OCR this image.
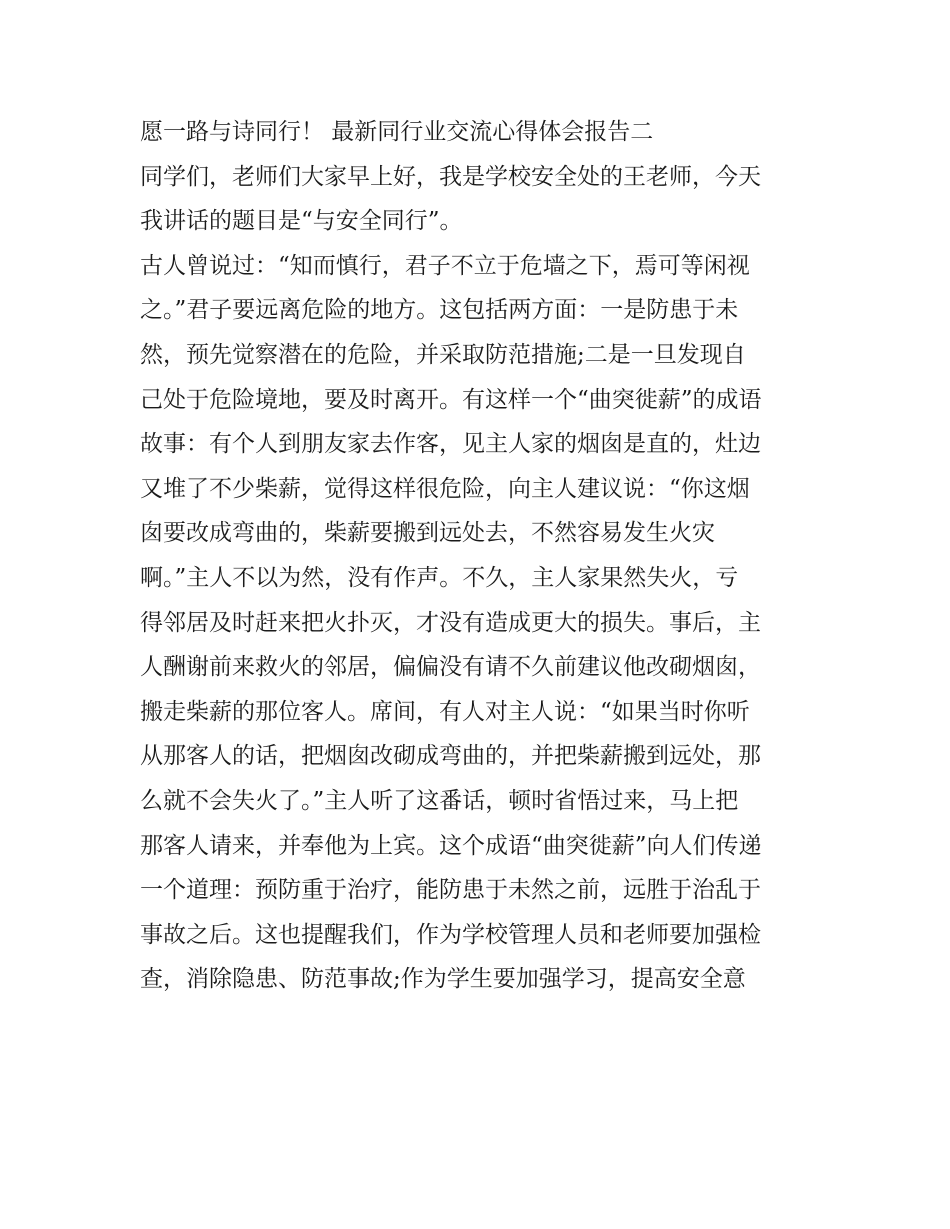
愿一路与诗同行！ 最新同行业交流心得体会报告二
同学们，老师们大家早上好，我是学校安全处的王老师，今天
我讲话的题目是“与安全同行”。
古人曾说过：“知而慎行，君子不立于危墙之下，焉可等闲视
之。”君子要远离危险的地方。这包括两方面：一是防患于未
然，预先觉察潜在的危险，并采取防范措施;二是一旦发现自
己处于危险境地，要及时离开。有这样一个“曲突徙薪”的成语
故事：有个人到朋友家去作客，见主人家的烟囱是直的，灶边
又堆了不少柴薪，觉得这样很危险，向主人建议说：“你这烟
囱要改成弯曲的，柴薪要搬到远处去，不然容易发生火灾
啊。”主人不以为然，没有作声。不久，主人家果然失火，亏
得邻居及时赶来把火扑灭，才没有造成更大的损失。事后，主
人酬谢前来救火的邻居，偏偏没有请不久前建议他改砌烟囱，
搬走柴薪的那位客人。席间，有人对主人说：“如果当时你听
从那客人的话，把烟囱改砌成弯曲的，并把柴薪搬到远处，那
么就不会失火了。”主人听了这番话，顿时省悟过来，马上把
那客人请来，并奉他为上宾。这个成语“曲突徙薪”向人们传递
一个道理：预防重于治疗，能防患于未然之前，远胜于治乱于
事故之后。这也提醒我们，作为学校管理人员和老师要加强检
查，消除隐患、防范事故;作为学生要加强学习，提高安全意
